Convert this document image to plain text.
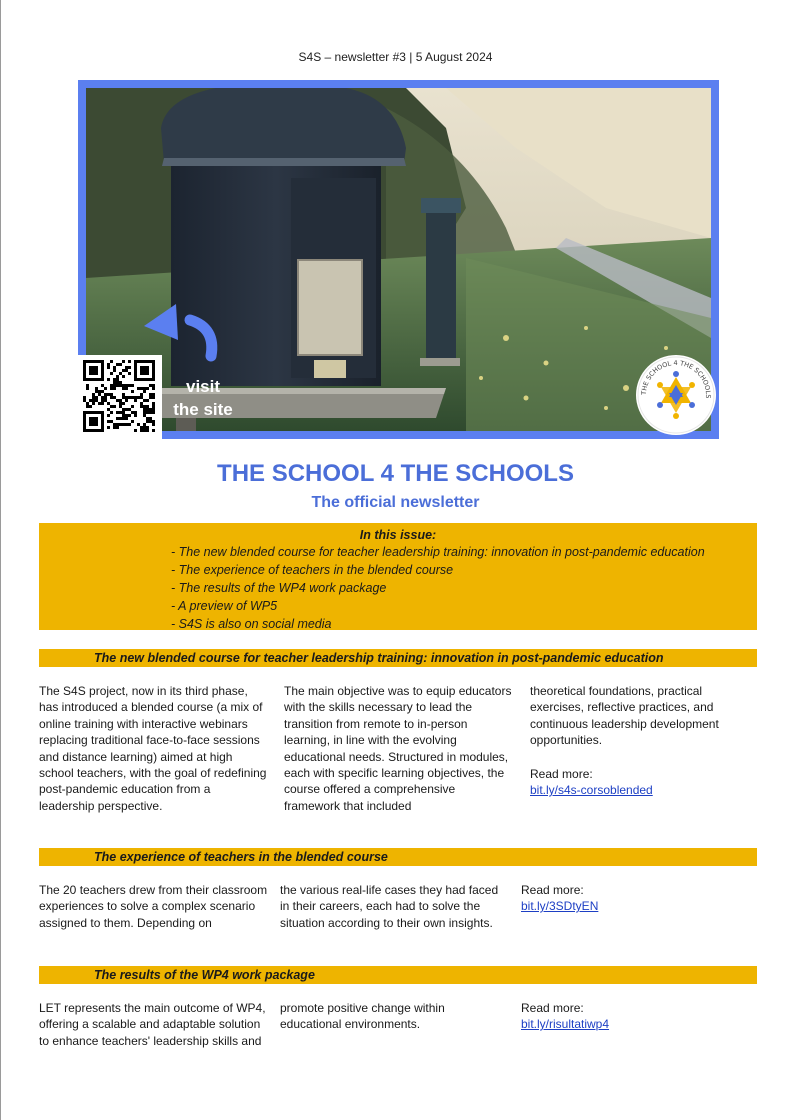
S4S – newsletter #3 | 5 August 2024
visit
the site
THE SCHOOL 4 THE SCHOOLS
THE SCHOOL 4 THE SCHOOLS
The official newsletter
In this issue:
- The new blended course for teacher leadership training: innovation in post-pandemic education
- The experience of teachers in the blended course
- The results of the WP4 work package
- A preview of WP5
- S4S is also on social media
The new blended course for teacher leadership training: innovation in post-pandemic education

The S4S project, now in its third phase, has introduced a blended course (a mix of online training with interactive webinars replacing traditional face-to-face sessions and distance learning) aimed at high school teachers, with the goal of redefining post-pandemic education from a leadership perspective.

The main objective was to equip educators with the skills necessary to lead the transition from remote to in-person learning, in line with the evolving educational needs. Structured in modules, each with specific learning objectives, the course offered a comprehensive framework that included

theoretical foundations, practical exercises, reflective practices, and continuous leadership development opportunities.

Read more:

bit.ly/s4s-corsoblended

The experience of teachers in the blended course

The 20 teachers drew from their classroom experiences to solve a complex scenario assigned to them. Depending on

the various real-life cases they had faced in their careers, each had to solve the situation according to their own insights.

Read more:

bit.ly/3SDtyEN

The results of the WP4 work package

LET represents the main outcome of WP4, offering a scalable and adaptable solution to enhance teachers' leadership skills and

promote positive change within educational environments.

Read more:

bit.ly/risultatiwp4
